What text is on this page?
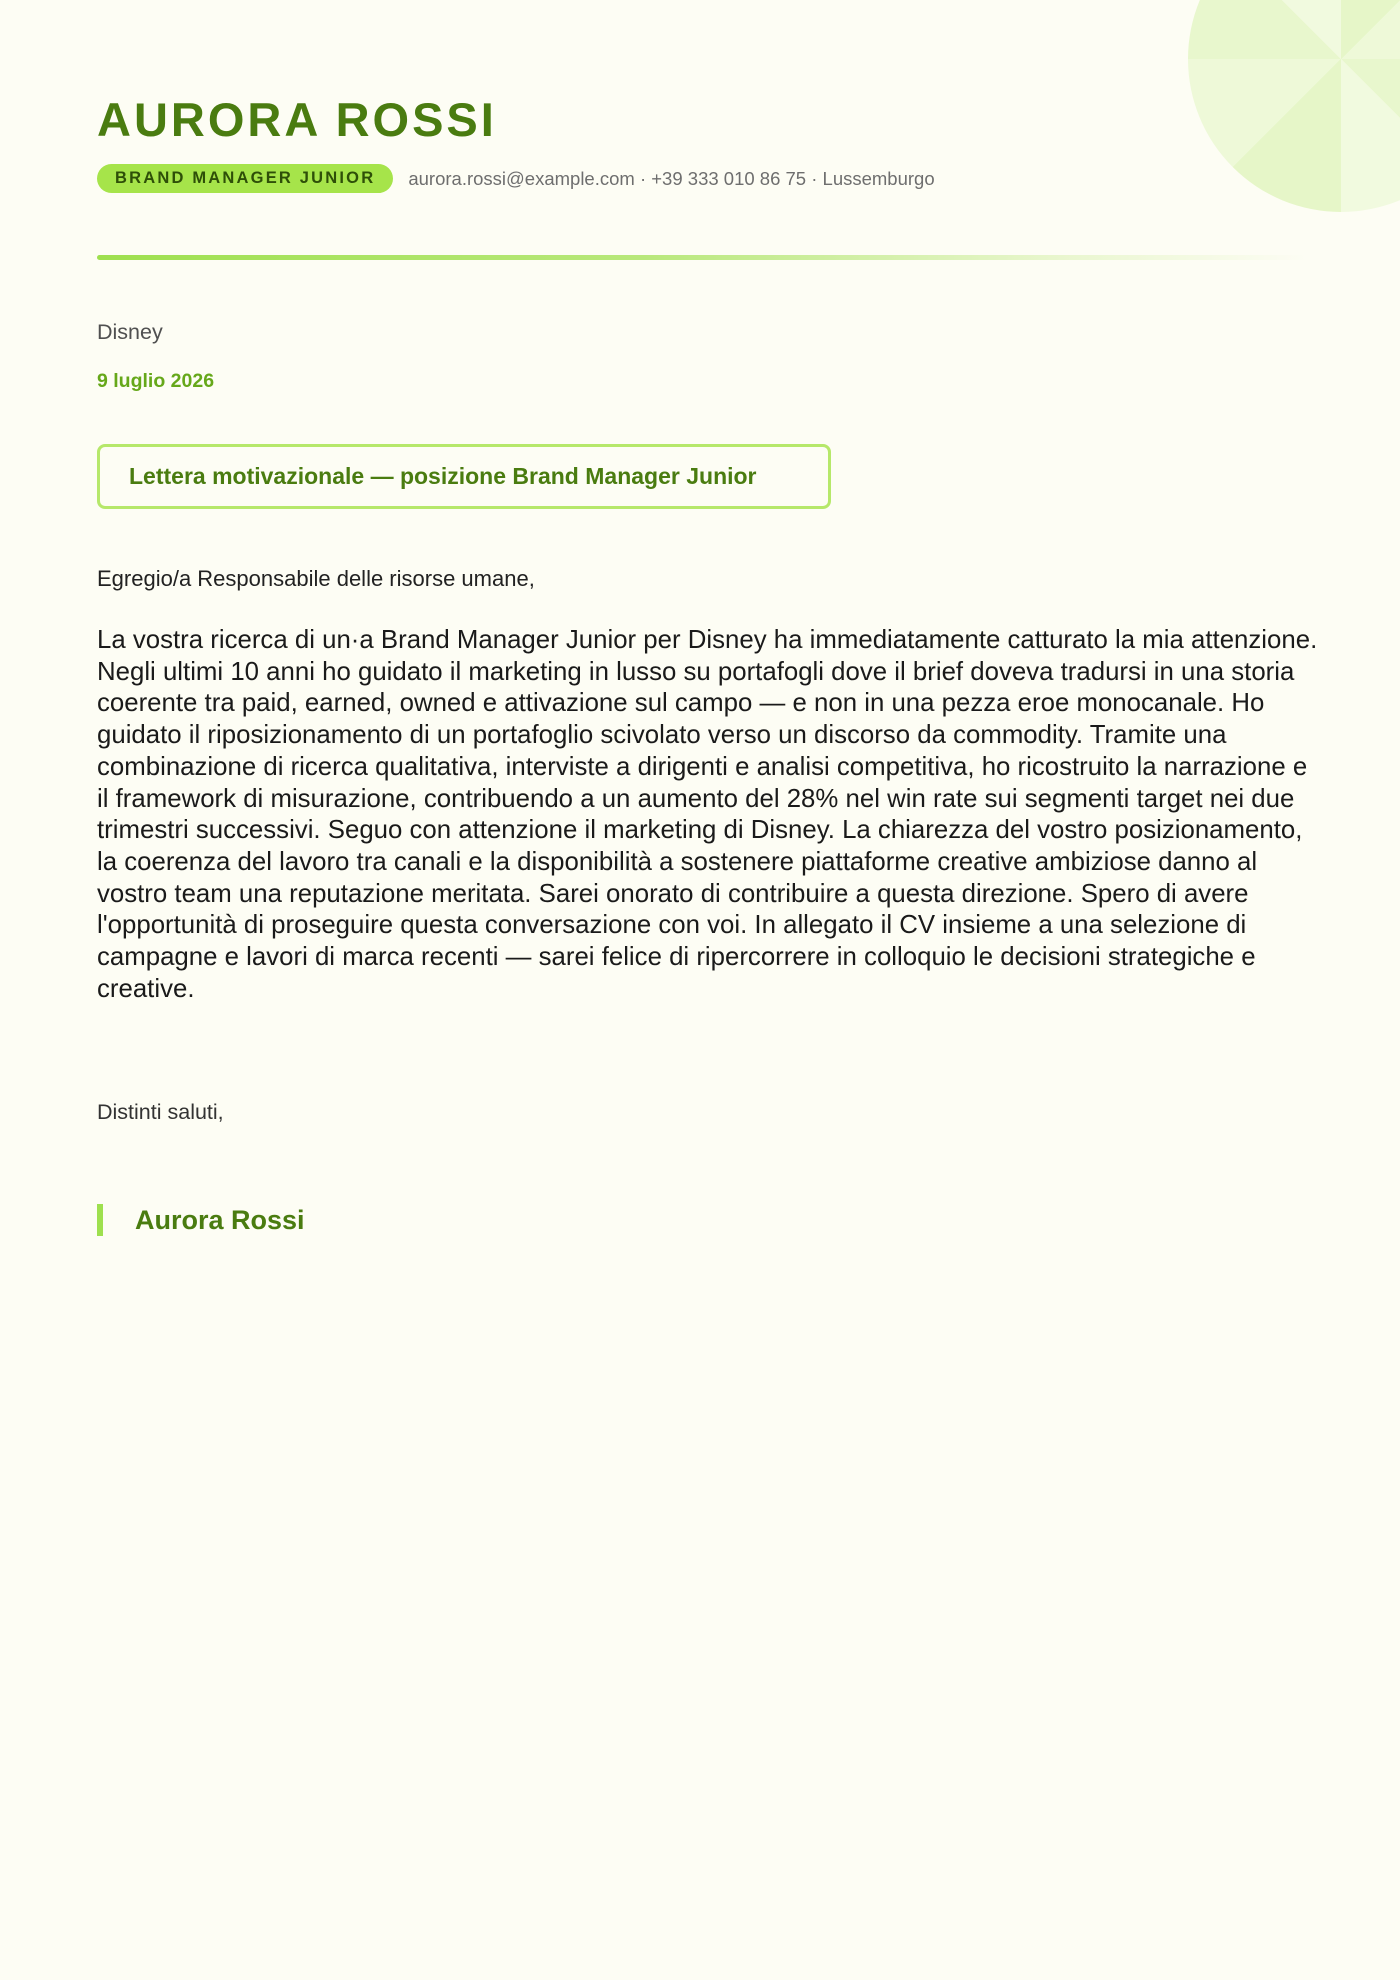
AURORA ROSSI
BRAND MANAGER JUNIOR	aurora.rossi@example.com · +39 333 010 86 75 · Lussemburgo
Disney
9 luglio 2026
Lettera motivazionale — posizione Brand Manager Junior
Egregio/a Responsabile delle risorse umane,

La vostra ricerca di un·a Brand Manager Junior per Disney ha immediatamente catturato la mia attenzione. Negli ultimi 10 anni ho guidato il marketing in lusso su portafogli dove il brief doveva tradursi in una storia coerente tra paid, earned, owned e attivazione sul campo — e non in una pezza eroe monocanale. Ho guidato il riposizionamento di un portafoglio scivolato verso un discorso da commodity. Tramite una combinazione di ricerca qualitativa, interviste a dirigenti e analisi competitiva, ho ricostruito la narrazione e il framework di misurazione, contribuendo a un aumento del 28% nel win rate sui segmenti target nei due trimestri successivi. Seguo con attenzione il marketing di Disney. La chiarezza del vostro posizionamento, la coerenza del lavoro tra canali e la disponibilità a sostenere piattaforme creative ambiziose danno al vostro team una reputazione meritata. Sarei onorato di contribuire a questa direzione. Spero di avere l'opportunità di proseguire questa conversazione con voi. In allegato il CV insieme a una selezione di campagne e lavori di marca recenti — sarei felice di ripercorrere in colloquio le decisioni strategiche e creative.

Distinti saluti,
Aurora Rossi
